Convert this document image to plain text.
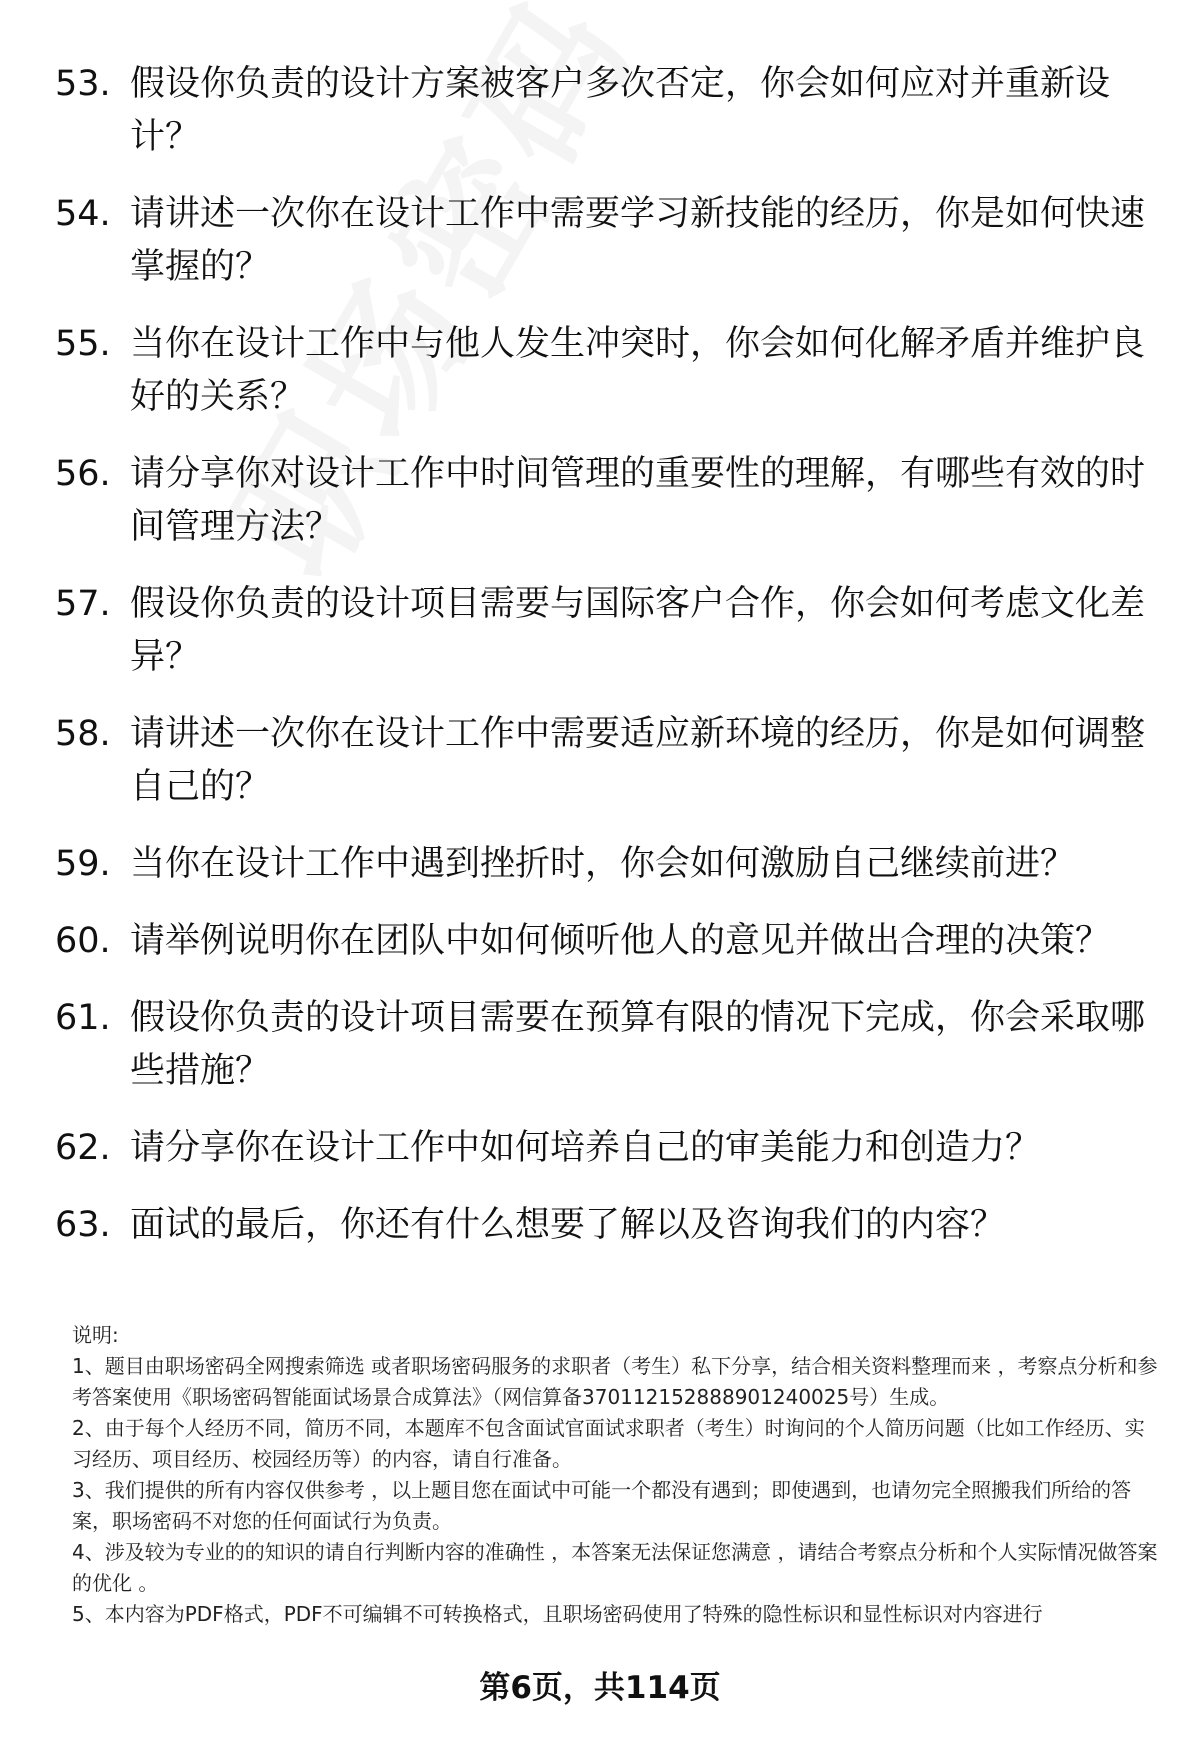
53. 假设你负责的设计方案被客户多次否定，你会如何应对并重新设计？
54. 请讲述一次你在设计工作中需要学习新技能的经历，你是如何快速掌握的？
55. 当你在设计工作中与他人发生冲突时，你会如何化解矛盾并维护良好的关系？
56. 请分享你对设计工作中时间管理的重要性的理解，有哪些有效的时间管理方法？
57. 假设你负责的设计项目需要与国际客户合作，你会如何考虑文化差异？
58. 请讲述一次你在设计工作中需要适应新环境的经历，你是如何调整自己的？
59. 当你在设计工作中遇到挫折时，你会如何激励自己继续前进？
60. 请举例说明你在团队中如何倾听他人的意见并做出合理的决策？
61. 假设你负责的设计项目需要在预算有限的情况下完成，你会采取哪些措施？
62. 请分享你在设计工作中如何培养自己的审美能力和创造力？
63. 面试的最后，你还有什么想要了解以及咨询我们的内容？

说明:

1、题目由职场密码全网搜索筛选 或者职场密码服务的求职者（考生）私下分享，结合相关资料整理而来 ，考察点分析和参考答案使用《职场密码智能面试场景合成算法》（网信算备370112152888901240025号）生成。

2、由于每个人经历不同，简历不同，本题库不包含面试官面试求职者（考生）时询问的个人简历问题（比如工作经历、实习经历、项目经历、校园经历等）的内容，请自行准备。

3、我们提供的所有内容仅供参考 ，以上题目您在面试中可能一个都没有遇到；即使遇到，也请勿完全照搬我们所给的答案，职场密码不对您的任何面试行为负责。

4、涉及较为专业的的知识的请自行判断内容的准确性 ，本答案无法保证您满意 ，请结合考察点分析和个人实际情况做答案的优化 。

5、本内容为PDF格式，PDF不可编辑不可转换格式，且职场密码使用了特殊的隐性标识和显性标识对内容进行

第6页，共114页
